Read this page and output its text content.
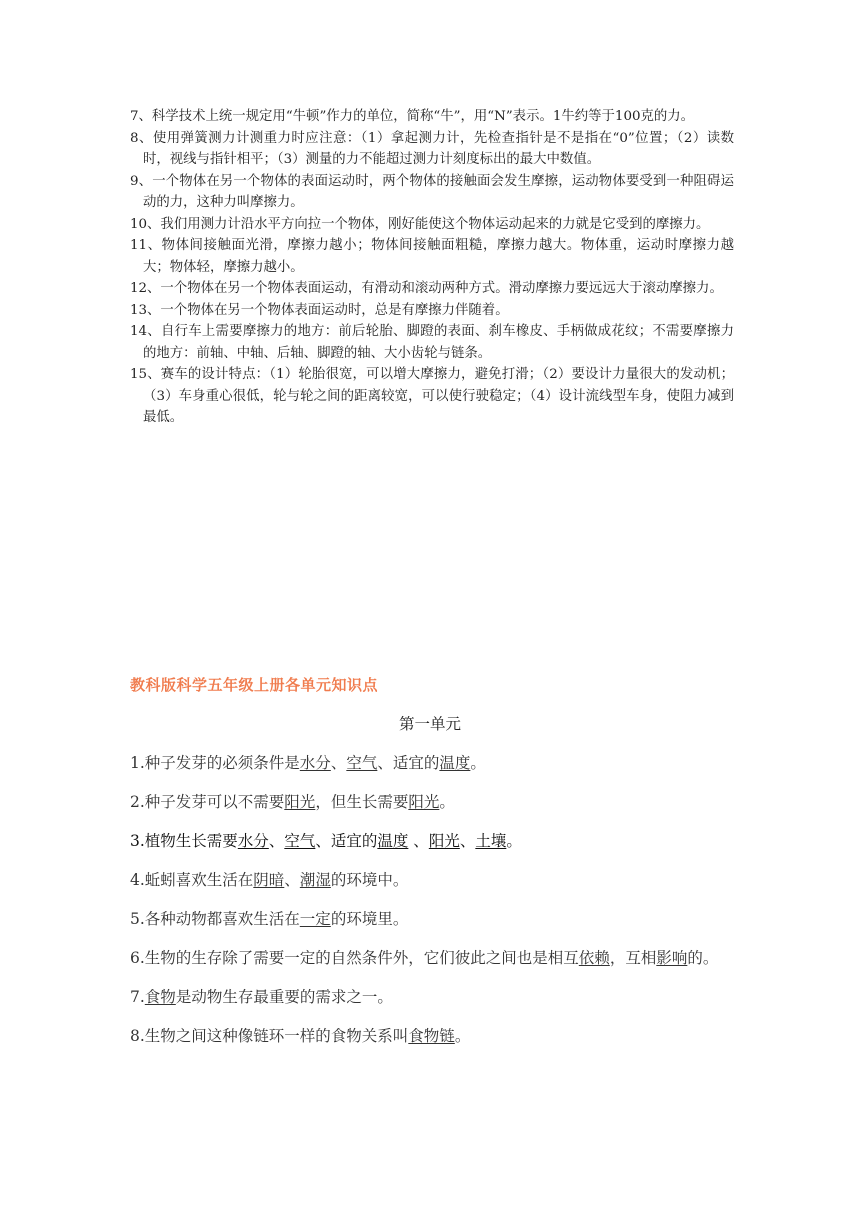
7、科学技术上统一规定用“牛顿”作力的单位，简称“牛”，用“N”表示。1牛约等于100克的力。

8、使用弹簧测力计测重力时应注意：（1）拿起测力计，先检查指针是不是指在“0”位置；（2）读数时，视线与指针相平；（3）测量的力不能超过测力计刻度标出的最大中数值。

9、一个物体在另一个物体的表面运动时，两个物体的接触面会发生摩擦，运动物体要受到一种阻碍运动的力，这种力叫摩擦力。

10、我们用测力计沿水平方向拉一个物体，刚好能使这个物体运动起来的力就是它受到的摩擦力。

11、物体间接触面光滑，摩擦力越小；物体间接触面粗糙，摩擦力越大。物体重，运动时摩擦力越大；物体轻，摩擦力越小。

12、一个物体在另一个物体表面运动，有滑动和滚动两种方式。滑动摩擦力要远远大于滚动摩擦力。

13、一个物体在另一个物体表面运动时，总是有摩擦力伴随着。

14、自行车上需要摩擦力的地方：前后轮胎、脚蹬的表面、刹车橡皮、手柄做成花纹；不需要摩擦力的地方：前轴、中轴、后轴、脚蹬的轴、大小齿轮与链条。

15、赛车的设计特点：（1）轮胎很宽，可以增大摩擦力，避免打滑；（2）要设计力量很大的发动机；（3）车身重心很低，轮与轮之间的距离较宽，可以使行驶稳定；（4）设计流线型车身，使阻力减到最低。

教科版科学五年级上册各单元知识点
第一单元

1.种子发芽的必须条件是水分、空气、适宜的温度。

2.种子发芽可以不需要阳光，但生长需要阳光。

3.植物生长需要水分、空气、适宜的温度 、阳光、土壤。

4.蚯蚓喜欢生活在阴暗、潮湿的环境中。

5.各种动物都喜欢生活在一定的环境里。

6.生物的生存除了需要一定的自然条件外，它们彼此之间也是相互依赖，互相影响的。

7.食物是动物生存最重要的需求之一。

8.生物之间这种像链环一样的食物关系叫食物链。
